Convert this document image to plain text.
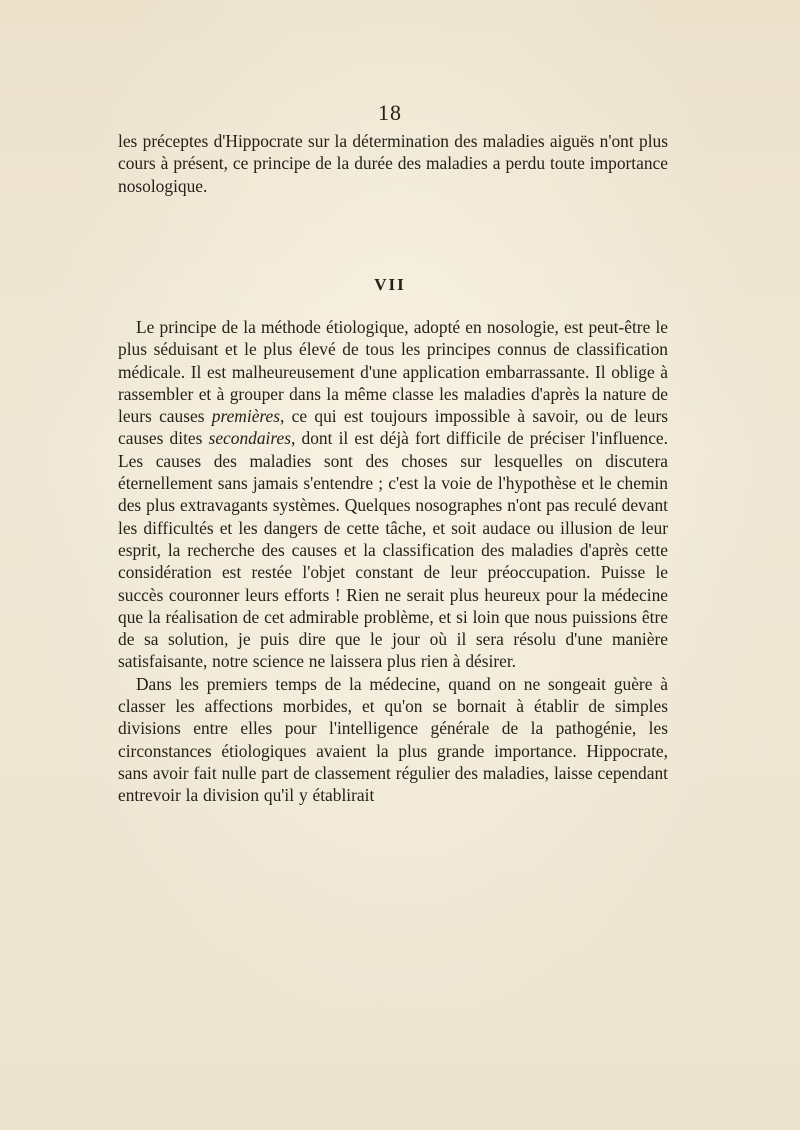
18

les préceptes d'Hippocrate sur la détermination des maladies aiguës n'ont plus cours à présent, ce principe de la durée des maladies a perdu toute importance nosologique.

VII

Le principe de la méthode étiologique, adopté en nosologie, est peut-être le plus séduisant et le plus élevé de tous les principes connus de classification médicale. Il est malheureusement d'une application embarrassante. Il oblige à rassembler et à grouper dans la même classe les maladies d'après la nature de leurs causes premières, ce qui est toujours impossible à savoir, ou de leurs causes dites secondaires, dont il est déjà fort difficile de préciser l'influence. Les causes des maladies sont des choses sur lesquelles on discutera éternellement sans jamais s'entendre ; c'est la voie de l'hypothèse et le chemin des plus extravagants systèmes. Quelques nosographes n'ont pas reculé devant les difficultés et les dangers de cette tâche, et soit audace ou illusion de leur esprit, la recherche des causes et la classification des maladies d'après cette considération est restée l'objet constant de leur préoccupation. Puisse le succès couronner leurs efforts ! Rien ne serait plus heureux pour la médecine que la réalisation de cet admirable problème, et si loin que nous puissions être de sa solution, je puis dire que le jour où il sera résolu d'une manière satisfaisante, notre science ne laissera plus rien à désirer.

Dans les premiers temps de la médecine, quand on ne songeait guère à classer les affections morbides, et qu'on se bornait à établir de simples divisions entre elles pour l'intelligence générale de la pathogénie, les circonstances étiologiques avaient la plus grande importance. Hippocrate, sans avoir fait nulle part de classement régulier des maladies, laisse cependant entrevoir la division qu'il y établirait
